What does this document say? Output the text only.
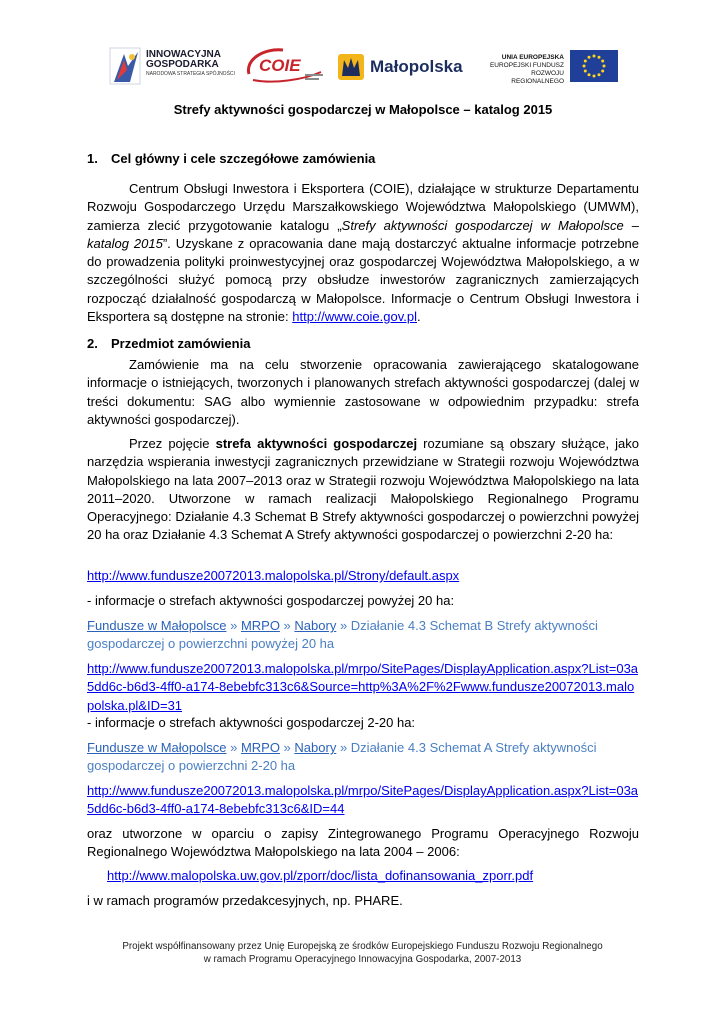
INNOWACYJNA
GOSPODARKA
NARODOWA STRATEGIA SPÓJNOŚCI COIE	Małopolska	UNIA EUROPEJSKA
EUROPEJSKI FUNDUSZ
ROZWOJU REGIONALNEGO
Strefy aktywności gospodarczej w Małopolsce – katalog 2015
1. Cel główny i cele szczegółowe zamówienia
Centrum Obsługi Inwestora i Eksportera (COIE), działające w strukturze Departamentu Rozwoju Gospodarczego Urzędu Marszałkowskiego Województwa Małopolskiego (UMWM), zamierza zlecić przygotowanie katalogu „Strefy aktywności gospodarczej w Małopolsce – katalog 2015”. Uzyskane z opracowania dane mają dostarczyć aktualne informacje potrzebne do prowadzenia polityki proinwestycyjnej oraz gospodarczej Województwa Małopolskiego, a w szczególności służyć pomocą przy obsłudze inwestorów zagranicznych zamierzających rozpocząć działalność gospodarczą w Małopolsce. Informacje o Centrum Obsługi Inwestora i Eksportera są dostępne na stronie: http://www.coie.gov.pl.
2. Przedmiot zamówienia
Zamówienie ma na celu stworzenie opracowania zawierającego skatalogowane informacje o istniejących, tworzonych i planowanych strefach aktywności gospodarczej (dalej w treści dokumentu: SAG albo wymiennie zastosowane w odpowiednim przypadku: strefa aktywności gospodarczej).
Przez pojęcie strefa aktywności gospodarczej rozumiane są obszary służące, jako narzędzia wspierania inwestycji zagranicznych przewidziane w Strategii rozwoju Województwa Małopolskiego na lata 2007–2013 oraz w Strategii rozwoju Województwa Małopolskiego na lata 2011–2020. Utworzone w ramach realizacji Małopolskiego Regionalnego Programu Operacyjnego: Działanie 4.3 Schemat B Strefy aktywności gospodarczej o powierzchni powyżej 20 ha oraz Działanie 4.3 Schemat A Strefy aktywności gospodarczej o powierzchni 2-20 ha:
http://www.fundusze20072013.malopolska.pl/Strony/default.aspx
- informacje o strefach aktywności gospodarczej powyżej 20 ha:
Fundusze w Małopolsce » MRPO » Nabory » Działanie 4.3 Schemat B Strefy aktywności gospodarczej o powierzchni powyżej 20 ha
http://www.fundusze20072013.malopolska.pl/mrpo/SitePages/DisplayApplication.aspx?List=03a5dd6c-b6d3-4ff0-a174-8ebebfc313c6&Source=http%3A%2F%2Fwww.fundusze20072013.malopolska.pl&ID=31
- informacje o strefach aktywności gospodarczej 2-20 ha:
Fundusze w Małopolsce » MRPO » Nabory » Działanie 4.3 Schemat A Strefy aktywności gospodarczej o powierzchni 2-20 ha
http://www.fundusze20072013.malopolska.pl/mrpo/SitePages/DisplayApplication.aspx?List=03a5dd6c-b6d3-4ff0-a174-8ebebfc313c6&ID=44
oraz utworzone w oparciu o zapisy Zintegrowanego Programu Operacyjnego Rozwoju Regionalnego Województwa Małopolskiego na lata 2004 – 2006:
http://www.malopolska.uw.gov.pl/zporr/doc/lista_dofinansowania_zporr.pdf
i w ramach programów przedakcesyjnych, np. PHARE.
Projekt współfinansowany przez Unię Europejską ze środków Europejskiego Funduszu Rozwoju Regionalnego
w ramach Programu Operacyjnego Innowacyjna Gospodarka, 2007-2013
